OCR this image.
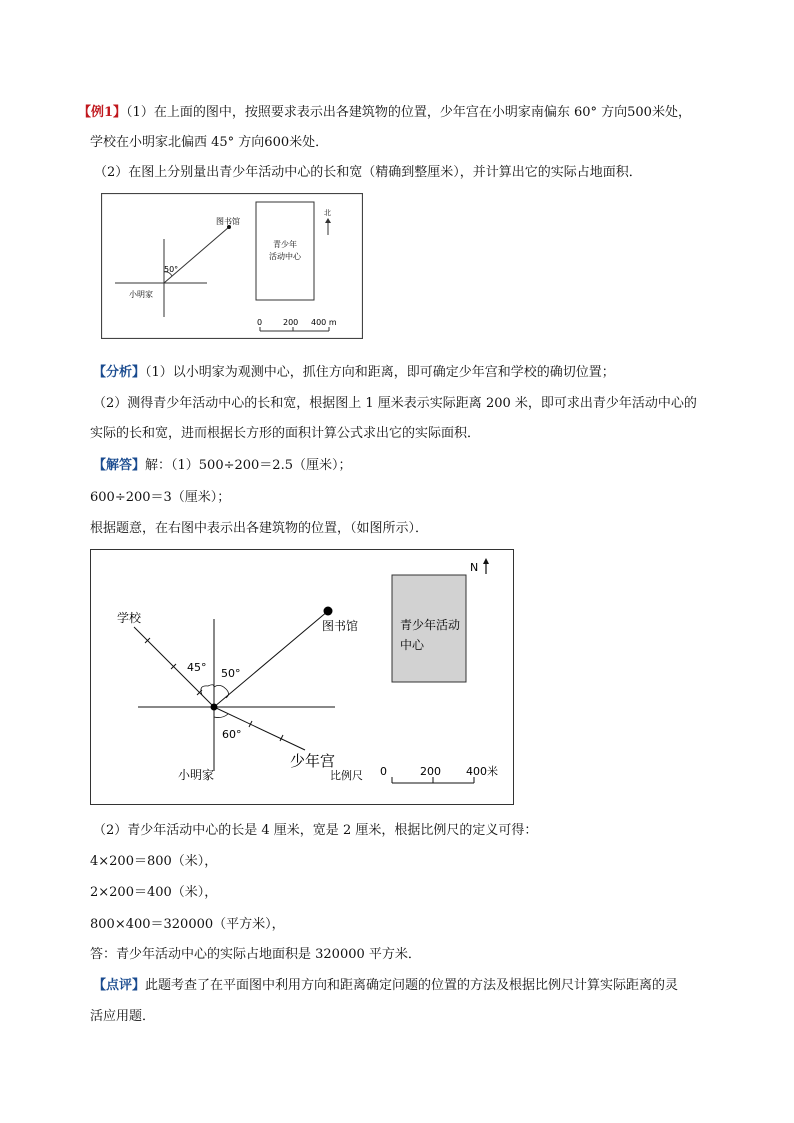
【例1】（1）在上面的图中，按照要求表示出各建筑物的位置，少年宫在小明家南偏东 60° 方向500米处，
学校在小明家北偏西 45° 方向600米处．
（2）在图上分别量出青少年活动中心的长和宽（精确到整厘米），并计算出它的实际占地面积．
50°
图书馆
小明家
青少年
活动中心
北
0	200 400 m
【分析】（1）以小明家为观测中心，抓住方向和距离，即可确定少年宫和学校的确切位置；
（2）测得青少年活动中心的长和宽，根据图上 1 厘米表示实际距离 200 米，即可求出青少年活动中心的
实际的长和宽，进而根据长方形的面积计算公式求出它的实际面积．
【解答】解：（1）500÷200＝2.5（厘米）；
600÷200＝3（厘米）；
根据题意，在右图中表示出各建筑物的位置，（如图所示）．
45° 50°
60°
学校
图书馆
小明家
少年宫
青少年活动
中心
N
比例尺 0	200 400米
（2）青少年活动中心的长是 4 厘米，宽是 2 厘米，根据比例尺的定义可得：
4×200＝800（米），
2×200＝400（米），
800×400＝320000（平方米），
答：青少年活动中心的实际占地面积是 320000 平方米．
【点评】此题考查了在平面图中利用方向和距离确定问题的位置的方法及根据比例尺计算实际距离的灵
活应用题．
